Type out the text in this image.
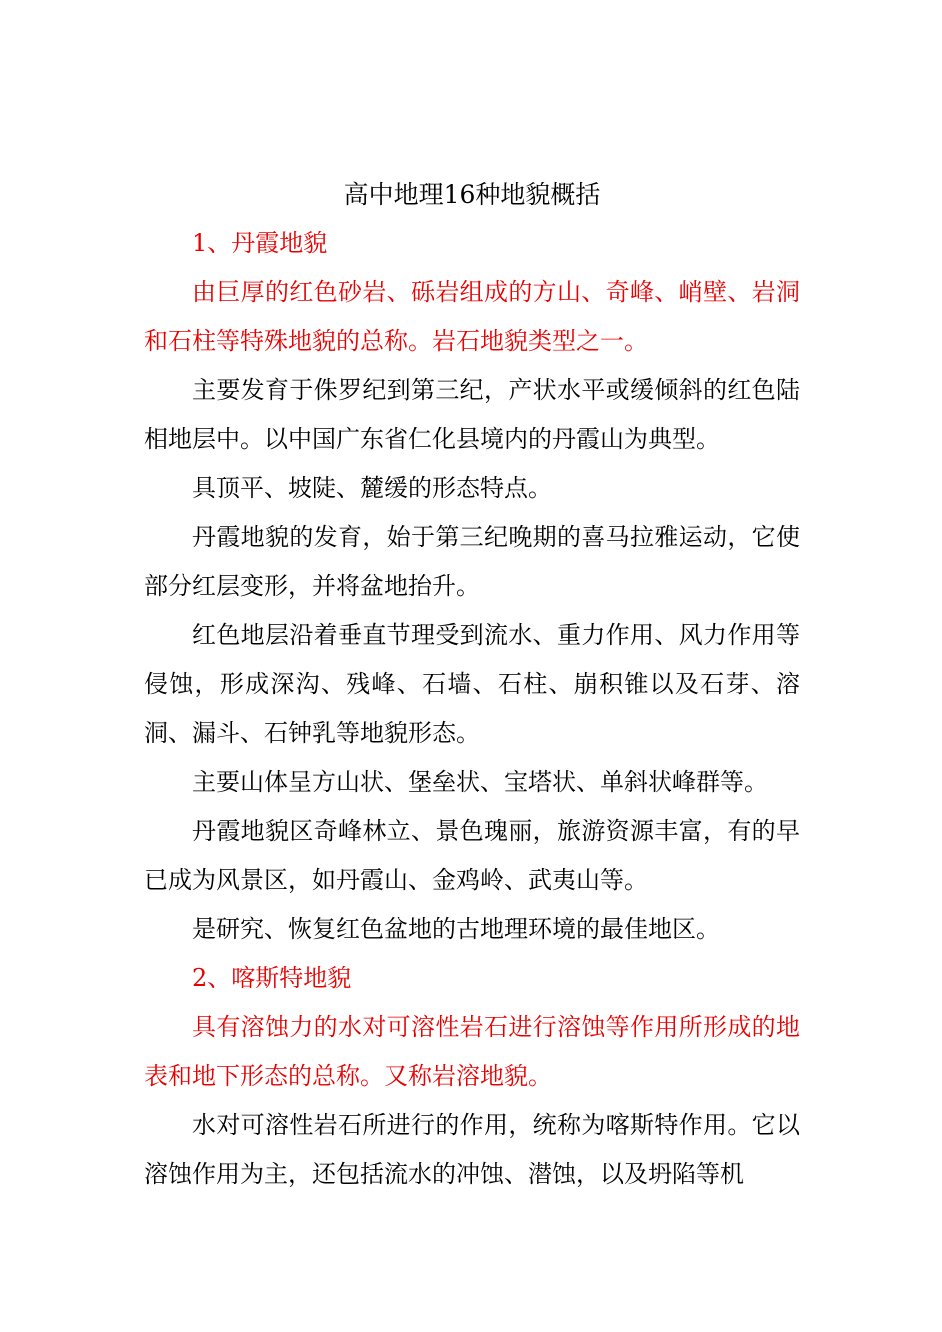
高中地理16种地貌概括

1、丹霞地貌

由巨厚的红色砂岩、砾岩组成的方山、奇峰、峭壁、岩洞和石柱等特殊地貌的总称。岩石地貌类型之一。

主要发育于侏罗纪到第三纪，产状水平或缓倾斜的红色陆相地层中。以中国广东省仁化县境内的丹霞山为典型。

具顶平、坡陡、麓缓的形态特点。

丹霞地貌的发育，始于第三纪晚期的喜马拉雅运动，它使部分红层变形，并将盆地抬升。

红色地层沿着垂直节理受到流水、重力作用、风力作用等侵蚀，形成深沟、残峰、石墙、石柱、崩积锥以及石芽、溶洞、漏斗、石钟乳等地貌形态。

主要山体呈方山状、堡垒状、宝塔状、单斜状峰群等。

丹霞地貌区奇峰林立、景色瑰丽，旅游资源丰富，有的早已成为风景区，如丹霞山、金鸡岭、武夷山等。

是研究、恢复红色盆地的古地理环境的最佳地区。

2、喀斯特地貌

具有溶蚀力的水对可溶性岩石进行溶蚀等作用所形成的地表和地下形态的总称。又称岩溶地貌。

水对可溶性岩石所进行的作用，统称为喀斯特作用。它以溶蚀作用为主，还包括流水的冲蚀、潜蚀，以及坍陷等机
